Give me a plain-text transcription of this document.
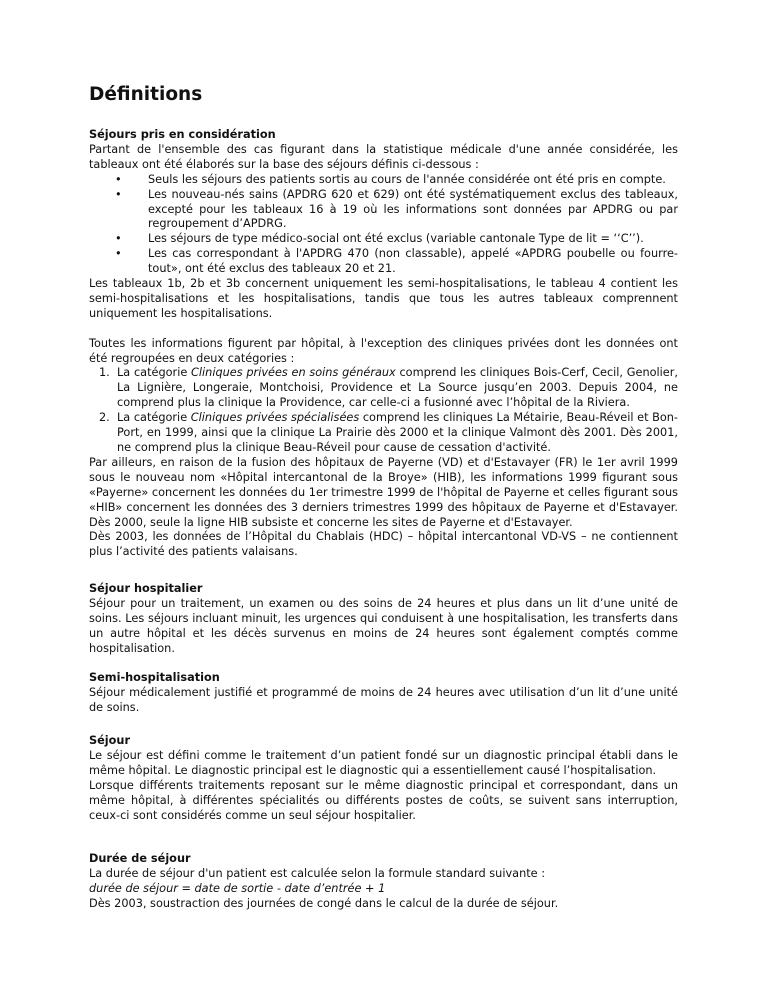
Définitions

Séjours pris en considération

Partant de l'ensemble des cas figurant dans la statistique médicale d'une année considérée, les tableaux ont été élaborés sur la base des séjours définis ci-dessous :

• Seuls les séjours des patients sortis au cours de l'année considérée ont été pris en compte.
• Les nouveau-nés sains (APDRG 620 et 629) ont été systématiquement exclus des tableaux, excepté pour les tableaux 16 à 19 où les informations sont données par APDRG ou par regroupement d’APDRG.
• Les séjours de type médico-social ont été exclus (variable cantonale Type de lit = ‘‘C’’).
• Les cas correspondant à l'APDRG 470 (non classable), appelé «APDRG poubelle ou fourre-tout», ont été exclus des tableaux 20 et 21.

Les tableaux 1b, 2b et 3b concernent uniquement les semi-hospitalisations, le tableau 4 contient les semi-hospitalisations et les hospitalisations, tandis que tous les autres tableaux comprennent uniquement les hospitalisations.

Toutes les informations figurent par hôpital, à l'exception des cliniques privées dont les données ont été regroupées en deux catégories :

1. La catégorie Cliniques privées en soins généraux comprend les cliniques Bois-Cerf, Cecil, Genolier, La Lignière, Longeraie, Montchoisi, Providence et La Source jusqu’en 2003. Depuis 2004, ne comprend plus la clinique la Providence, car celle-ci a fusionné avec l’hôpital de la Riviera.
2. La catégorie Cliniques privées spécialisées comprend les cliniques La Métairie, Beau-Réveil et Bon-Port, en 1999, ainsi que la clinique La Prairie dès 2000 et la clinique Valmont dès 2001. Dès 2001, ne comprend plus la clinique Beau-Réveil pour cause de cessation d'activité.

Par ailleurs, en raison de la fusion des hôpitaux de Payerne (VD) et d'Estavayer (FR) le 1er avril 1999 sous le nouveau nom «Hôpital intercantonal de la Broye» (HIB), les informations 1999 figurant sous «Payerne» concernent les données du 1er trimestre 1999 de l'hôpital de Payerne et celles figurant sous «HIB» concernent les données des 3 derniers trimestres 1999 des hôpitaux de Payerne et d'Estavayer. Dès 2000, seule la ligne HIB subsiste et concerne les sites de Payerne et d'Estavayer.

Dès 2003, les données de l’Hôpital du Chablais (HDC) – hôpital intercantonal VD-VS – ne contiennent plus l’activité des patients valaisans.

Séjour hospitalier

Séjour pour un traitement, un examen ou des soins de 24 heures et plus dans un lit d’une unité de soins. Les séjours incluant minuit, les urgences qui conduisent à une hospitalisation, les transferts dans un autre hôpital et les décès survenus en moins de 24 heures sont également comptés comme hospitalisation.

Semi-hospitalisation

Séjour médicalement justifié et programmé de moins de 24 heures avec utilisation d’un lit d’une unité de soins.

Séjour

Le séjour est défini comme le traitement d’un patient fondé sur un diagnostic principal établi dans le même hôpital. Le diagnostic principal est le diagnostic qui a essentiellement causé l’hospitalisation.

Lorsque différents traitements reposant sur le même diagnostic principal et correspondant, dans un même hôpital, à différentes spécialités ou différents postes de coûts, se suivent sans interruption, ceux-ci sont considérés comme un seul séjour hospitalier.

Durée de séjour

La durée de séjour d'un patient est calculée selon la formule standard suivante :

durée de séjour = date de sortie - date d’entrée + 1

Dès 2003, soustraction des journées de congé dans le calcul de la durée de séjour.
